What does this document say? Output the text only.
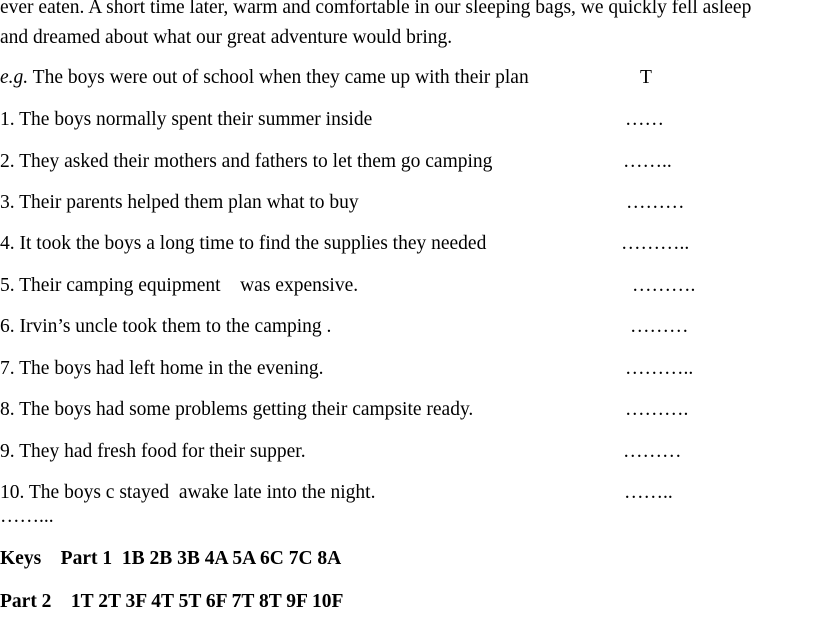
ever eaten. A short time later, warm and comfortable in our sleeping bags, we quickly fell asleep
and dreamed about what our great adventure would bring.
e.g. The boys were out of school when they came up with their plan	T
1. The boys normally spent their summer inside	……
2. They asked their mothers and fathers to let them go camping	……..
3. Their parents helped them plan what to buy	………
4. It took the boys a long time to find the supplies they needed	………..
5. Their camping equipment    was expensive.	……….
6. Irvin’s uncle took them to the camping .	………
7. The boys had left home in the evening.	………..
8. The boys had some problems getting their campsite ready.	……….
9. They had fresh food for their supper.	………
10. The boys c stayed  awake late into the night.	……..
……...
Keys    Part 1  1B 2B 3B 4A 5A 6C 7C 8A
Part 2    1T 2T 3F 4T 5T 6F 7T 8T 9F 10F
